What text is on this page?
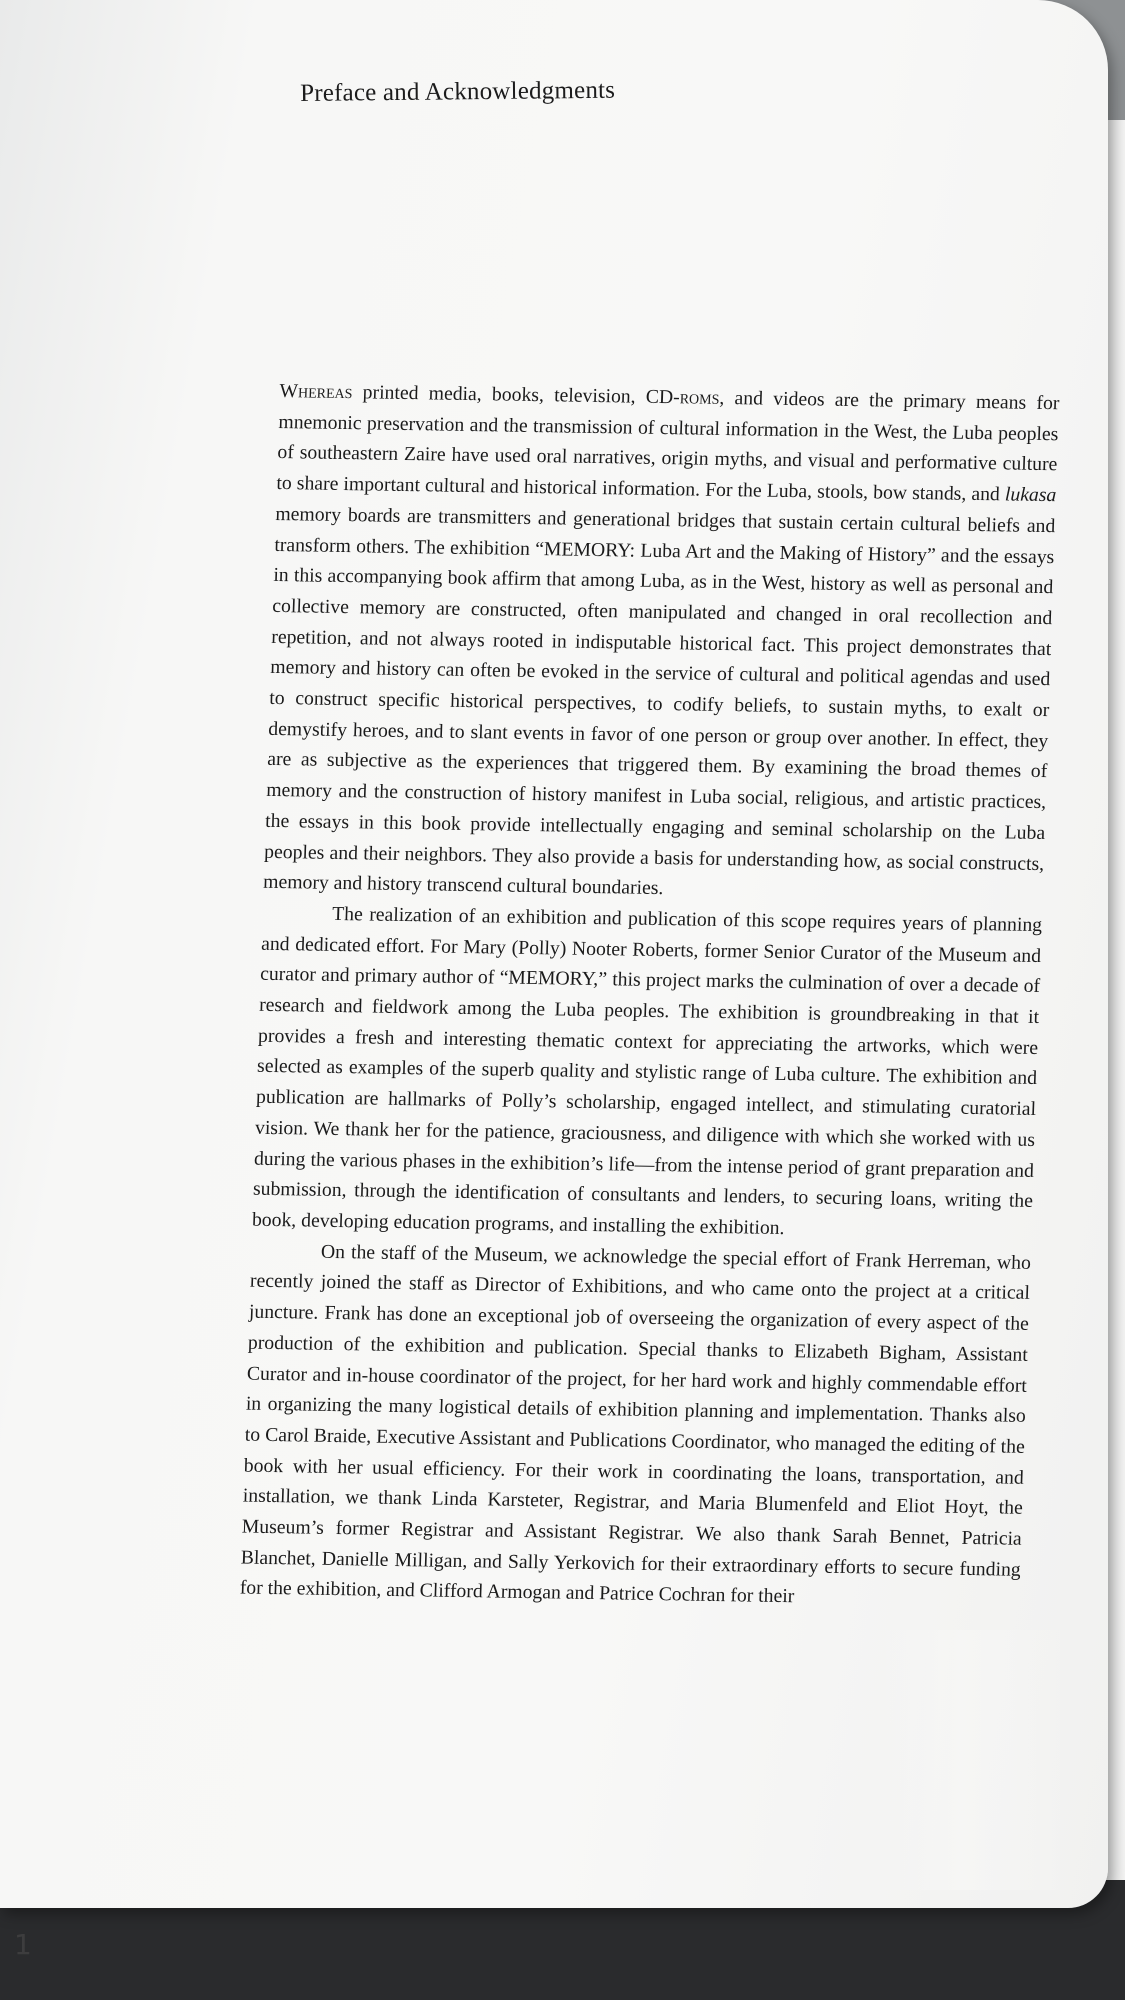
Preface and Acknowledgments

Whereas printed media, books, television, CD-roms, and videos are the primary means for mnemonic preservation and the transmission of cultural information in the West, the Luba peoples of southeastern Zaire have used oral narratives, origin myths, and visual and performative culture to share important cultural and historical information. For the Luba, stools, bow stands, and lukasa memory boards are transmitters and generational bridges that sustain certain cultural beliefs and transform others. The exhibition “MEMORY: Luba Art and the Making of History” and the essays in this accompanying book affirm that among Luba, as in the West, history as well as personal and collective memory are constructed, often manipulated and changed in oral recollection and repetition, and not always rooted in indisputable historical fact. This project demonstrates that memory and history can often be evoked in the service of cultural and political agendas and used to construct specific historical perspectives, to codify beliefs, to sustain myths, to exalt or demystify heroes, and to slant events in favor of one person or group over another. In effect, they are as subjective as the experiences that triggered them. By examining the broad themes of memory and the construction of history manifest in Luba social, religious, and artistic practices, the essays in this book provide intellectually engaging and seminal scholarship on the Luba peoples and their neighbors. They also provide a basis for understanding how, as social constructs, memory and history transcend cultural boundaries.

The realization of an exhibition and publication of this scope requires years of planning and dedicated effort. For Mary (Polly) Nooter Roberts, former Senior Curator of the Museum and curator and primary author of “MEMORY,” this project marks the culmination of over a decade of research and fieldwork among the Luba peoples. The exhibition is groundbreaking in that it provides a fresh and interesting thematic context for appreciating the artworks, which were selected as examples of the superb quality and stylistic range of Luba culture. The exhibition and publication are hallmarks of Polly’s scholarship, engaged intellect, and stimulating curatorial vision. We thank her for the patience, graciousness, and diligence with which she worked with us during the various phases in the exhibition’s life—from the intense period of grant preparation and submission, through the identification of consultants and lenders, to securing loans, writing the book, developing education programs, and installing the exhibition.

On the staff of the Museum, we acknowledge the special effort of Frank Herreman, who recently joined the staff as Director of Exhibitions, and who came onto the project at a critical juncture. Frank has done an exceptional job of overseeing the organization of every aspect of the production of the exhibition and publication. Special thanks to Elizabeth Bigham, Assistant Curator and in-house coordinator of the project, for her hard work and highly commendable effort in organizing the many logistical details of exhibition planning and implementation. Thanks also to Carol Braide, Executive Assistant and Publications Coordinator, who managed the editing of the book with her usual efficiency. For their work in coordinating the loans, transportation, and installation, we thank Linda Karsteter, Registrar, and Maria Blumenfeld and Eliot Hoyt, the Museum’s former Registrar and Assistant Registrar. We also thank Sarah Bennet, Patricia Blanchet, Danielle Milligan, and Sally Yerkovich for their extraordinary efforts to secure funding for the exhibition, and Clifford Armogan and Patrice Cochran for their

1
